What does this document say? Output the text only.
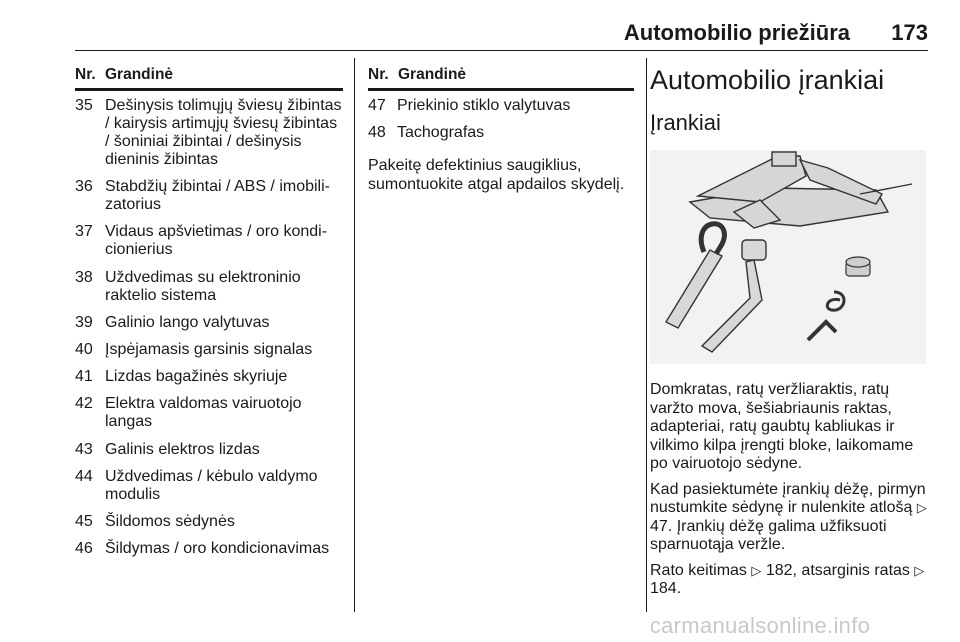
Automobilio priežiūra	173
Nr. Grandinė
35 Dešinysis tolimųjų šviesų žibintas / kairysis artimųjų šviesų žibintas / šoniniai žibintai / dešinysis dieninis žibintas
36 Stabdžių žibintai / ABS / imobilizatorius
37 Vidaus apšvietimas / oro kondicionierius
38 Uždvedimas su elektroninio raktelio sistema
39 Galinio lango valytuvas
40 Įspėjamasis garsinis signalas
41 Lizdas bagažinės skyriuje
42 Elektra valdomas vairuotojo langas
43 Galinis elektros lizdas
44 Uždvedimas / kėbulo valdymo modulis
45 Šildomos sėdynės
46 Šildymas / oro kondicionavimas
Nr. Grandinė
47 Priekinio stiklo valytuvas
48 Tachografas

Pakeitę defektinius saugiklius, sumontuokite atgal apdailos skydelį.

Automobilio įrankiai
Įrankiai

Domkratas, ratų veržliaraktis, ratų varžto mova, šešiabriaunis raktas, adapteriai, ratų gaubtų kabliukas ir vilkimo kilpa įrengti bloke, laikomame po vairuotojo sėdyne.

Kad pasiektumėte įrankių dėžę, pirmyn nustumkite sėdynę ir nulenkite atlošą ▷ 47. Įrankių dėžę galima užfiksuoti sparnuotąja veržle.

Rato keitimas ▷ 182, atsarginis ratas ▷ 184.

carmanualsonline.info
